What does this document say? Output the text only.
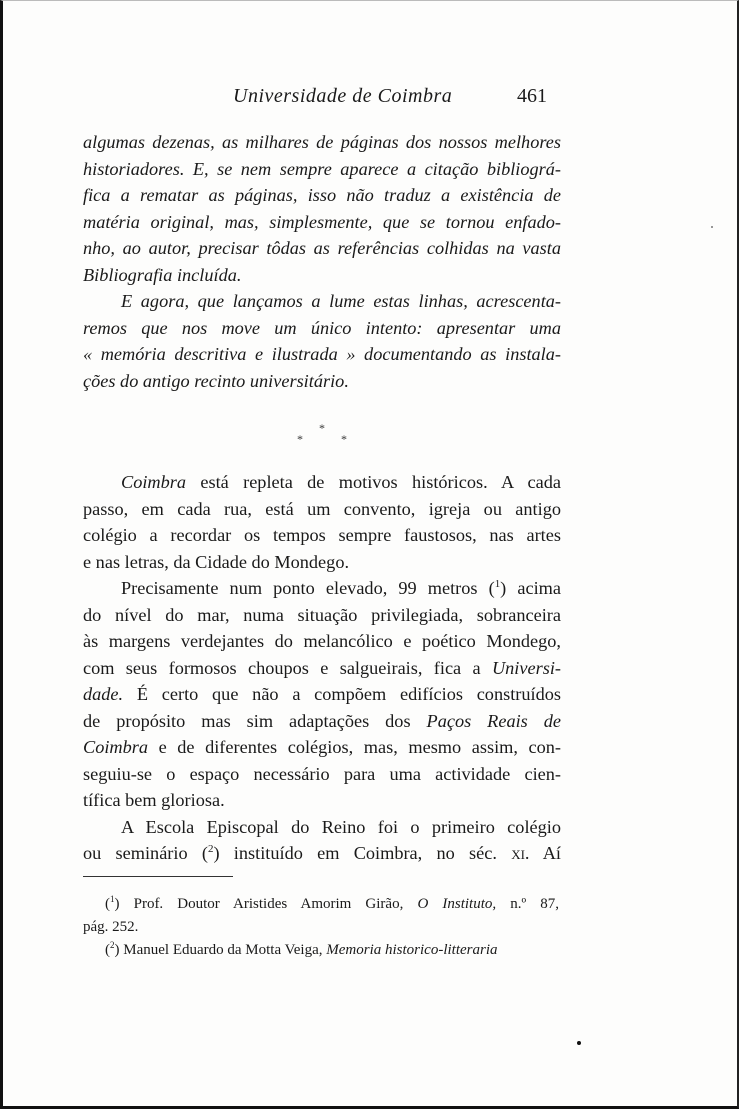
Universidade de Coimbra	461

algumas dezenas, as milhares de páginas dos nossos melhores

historiadores. E, se nem sempre aparece a citação bibliográ-

fica a rematar as páginas, isso não traduz a existência de

matéria original, mas, simplesmente, que se tornou enfado-

nho, ao autor, precisar tôdas as referências colhidas na vasta

Bibliografia incluída.

E agora, que lançamos a lume estas linhas, acrescenta-

remos que nos move um único intento: apresentar uma

« memória descritiva e ilustrada » documentando as instala-

ções do antigo recinto universitário.

*
*	*

Coimbra está repleta de motivos históricos. A cada

passo, em cada rua, está um convento, igreja ou antigo

colégio a recordar os tempos sempre faustosos, nas artes

e nas letras, da Cidade do Mondego.

Precisamente num ponto elevado, 99 metros ($^1$) acima

do nível do mar, numa situação privilegiada, sobranceira

às margens verdejantes do melancólico e poético Mondego,

com seus formosos choupos e salgueirais, fica a Universi-

dade. É certo que não a compõem edifícios construídos

de propósito mas sim adaptações dos Paços Reais de

Coimbra e de diferentes colégios, mas, mesmo assim, con-

seguiu-se o espaço necessário para uma actividade cien-

tífica bem gloriosa.

A Escola Episcopal do Reino foi o primeiro colégio

ou seminário ($^2$) instituído em Coimbra, no séc. xi. Aí

($^1$) Prof. Doutor Aristides Amorim Girão, O Instituto, n.º 87,

pág. 252.

($^2$) Manuel Eduardo da Motta Veiga, Memoria historico-litteraria
